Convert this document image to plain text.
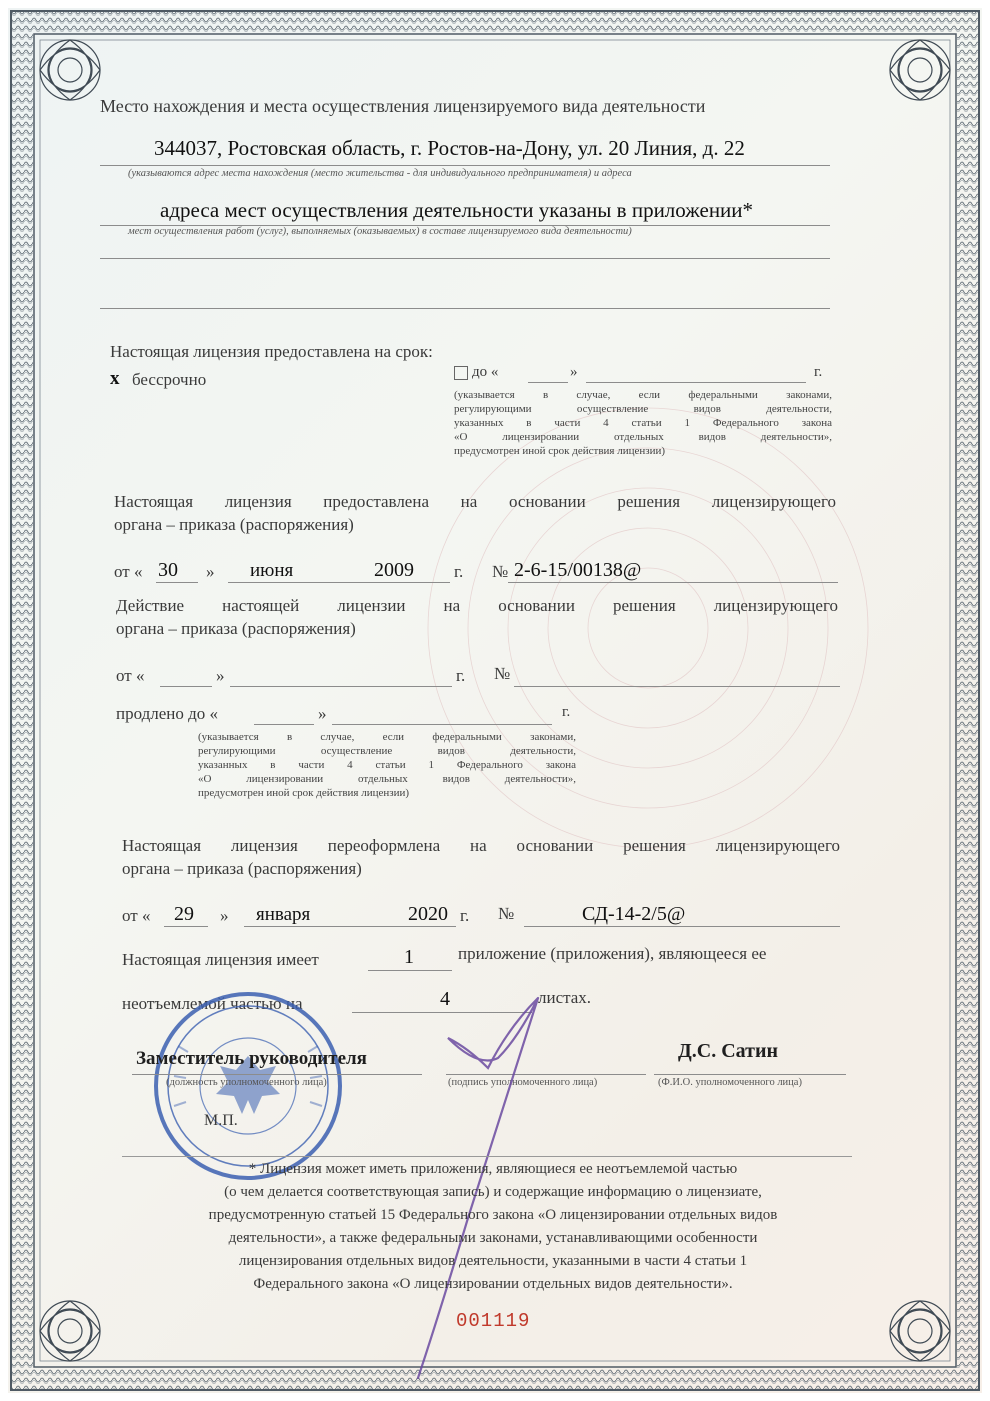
Место нахождения и места осуществления лицензируемого вида деятельности
344037, Ростовская область, г. Ростов-на-Дону, ул. 20 Линия, д. 22
(указываются адрес места нахождения (место жительства - для индивидуального предпринимателя) и адреса
адреса мест осуществления деятельности указаны в приложении*
мест осуществления работ (услуг), выполняемых (оказываемых) в составе лицензируемого вида деятельности)
Настоящая лицензия предоставлена на срок:
х бессрочно	до «	»	г.
(указывается в случае, если федеральными законами,
регулирующими осуществление видов деятельности,
указанных в части 4 статьи 1 Федерального закона
«О лицензировании отдельных видов деятельности»,
предусмотрен иной срок действия лицензии)
Настоящая лицензия предоставлена на основании решения лицензирующего
органа – приказа (распоряжения)
от « 30 » июня	2009 г. № 2-6-15/00138@
Действие настоящей лицензии на основании решения лицензирующего
органа – приказа (распоряжения)
от «	»	г. №
продлено до «	»	г.
(указывается в случае, если федеральными законами,
регулирующими осуществление видов деятельности,
указанных в части 4 статьи 1 Федерального закона
«О лицензировании отдельных видов деятельности»,
предусмотрен иной срок действия лицензии)
Настоящая лицензия переоформлена на основании решения лицензирующего
органа – приказа (распоряжения)
от « 29 » января	2020 г. №	СД-14-2/5@
Настоящая лицензия имеет	1	приложение (приложения), являющееся ее
неотъемлемой частью на	4	листах.
Заместитель руководителя
(должность уполномоченного лица)	(подпись уполномоченного лица)
Д.С. Сатин
(Ф.И.О. уполномоченного лица)
М.П.
* Лицензия может иметь приложения, являющиеся ее неотъемлемой частью
(о чем делается соответствующая запись) и содержащие информацию о лицензиате,
предусмотренную статьей 15 Федерального закона «О лицензировании отдельных видов
деятельности», а также федеральными законами, устанавливающими особенности
лицензирования отдельных видов деятельности, указанными в части 4 статьи 1
Федерального закона «О лицензировании отдельных видов деятельности».
001119
